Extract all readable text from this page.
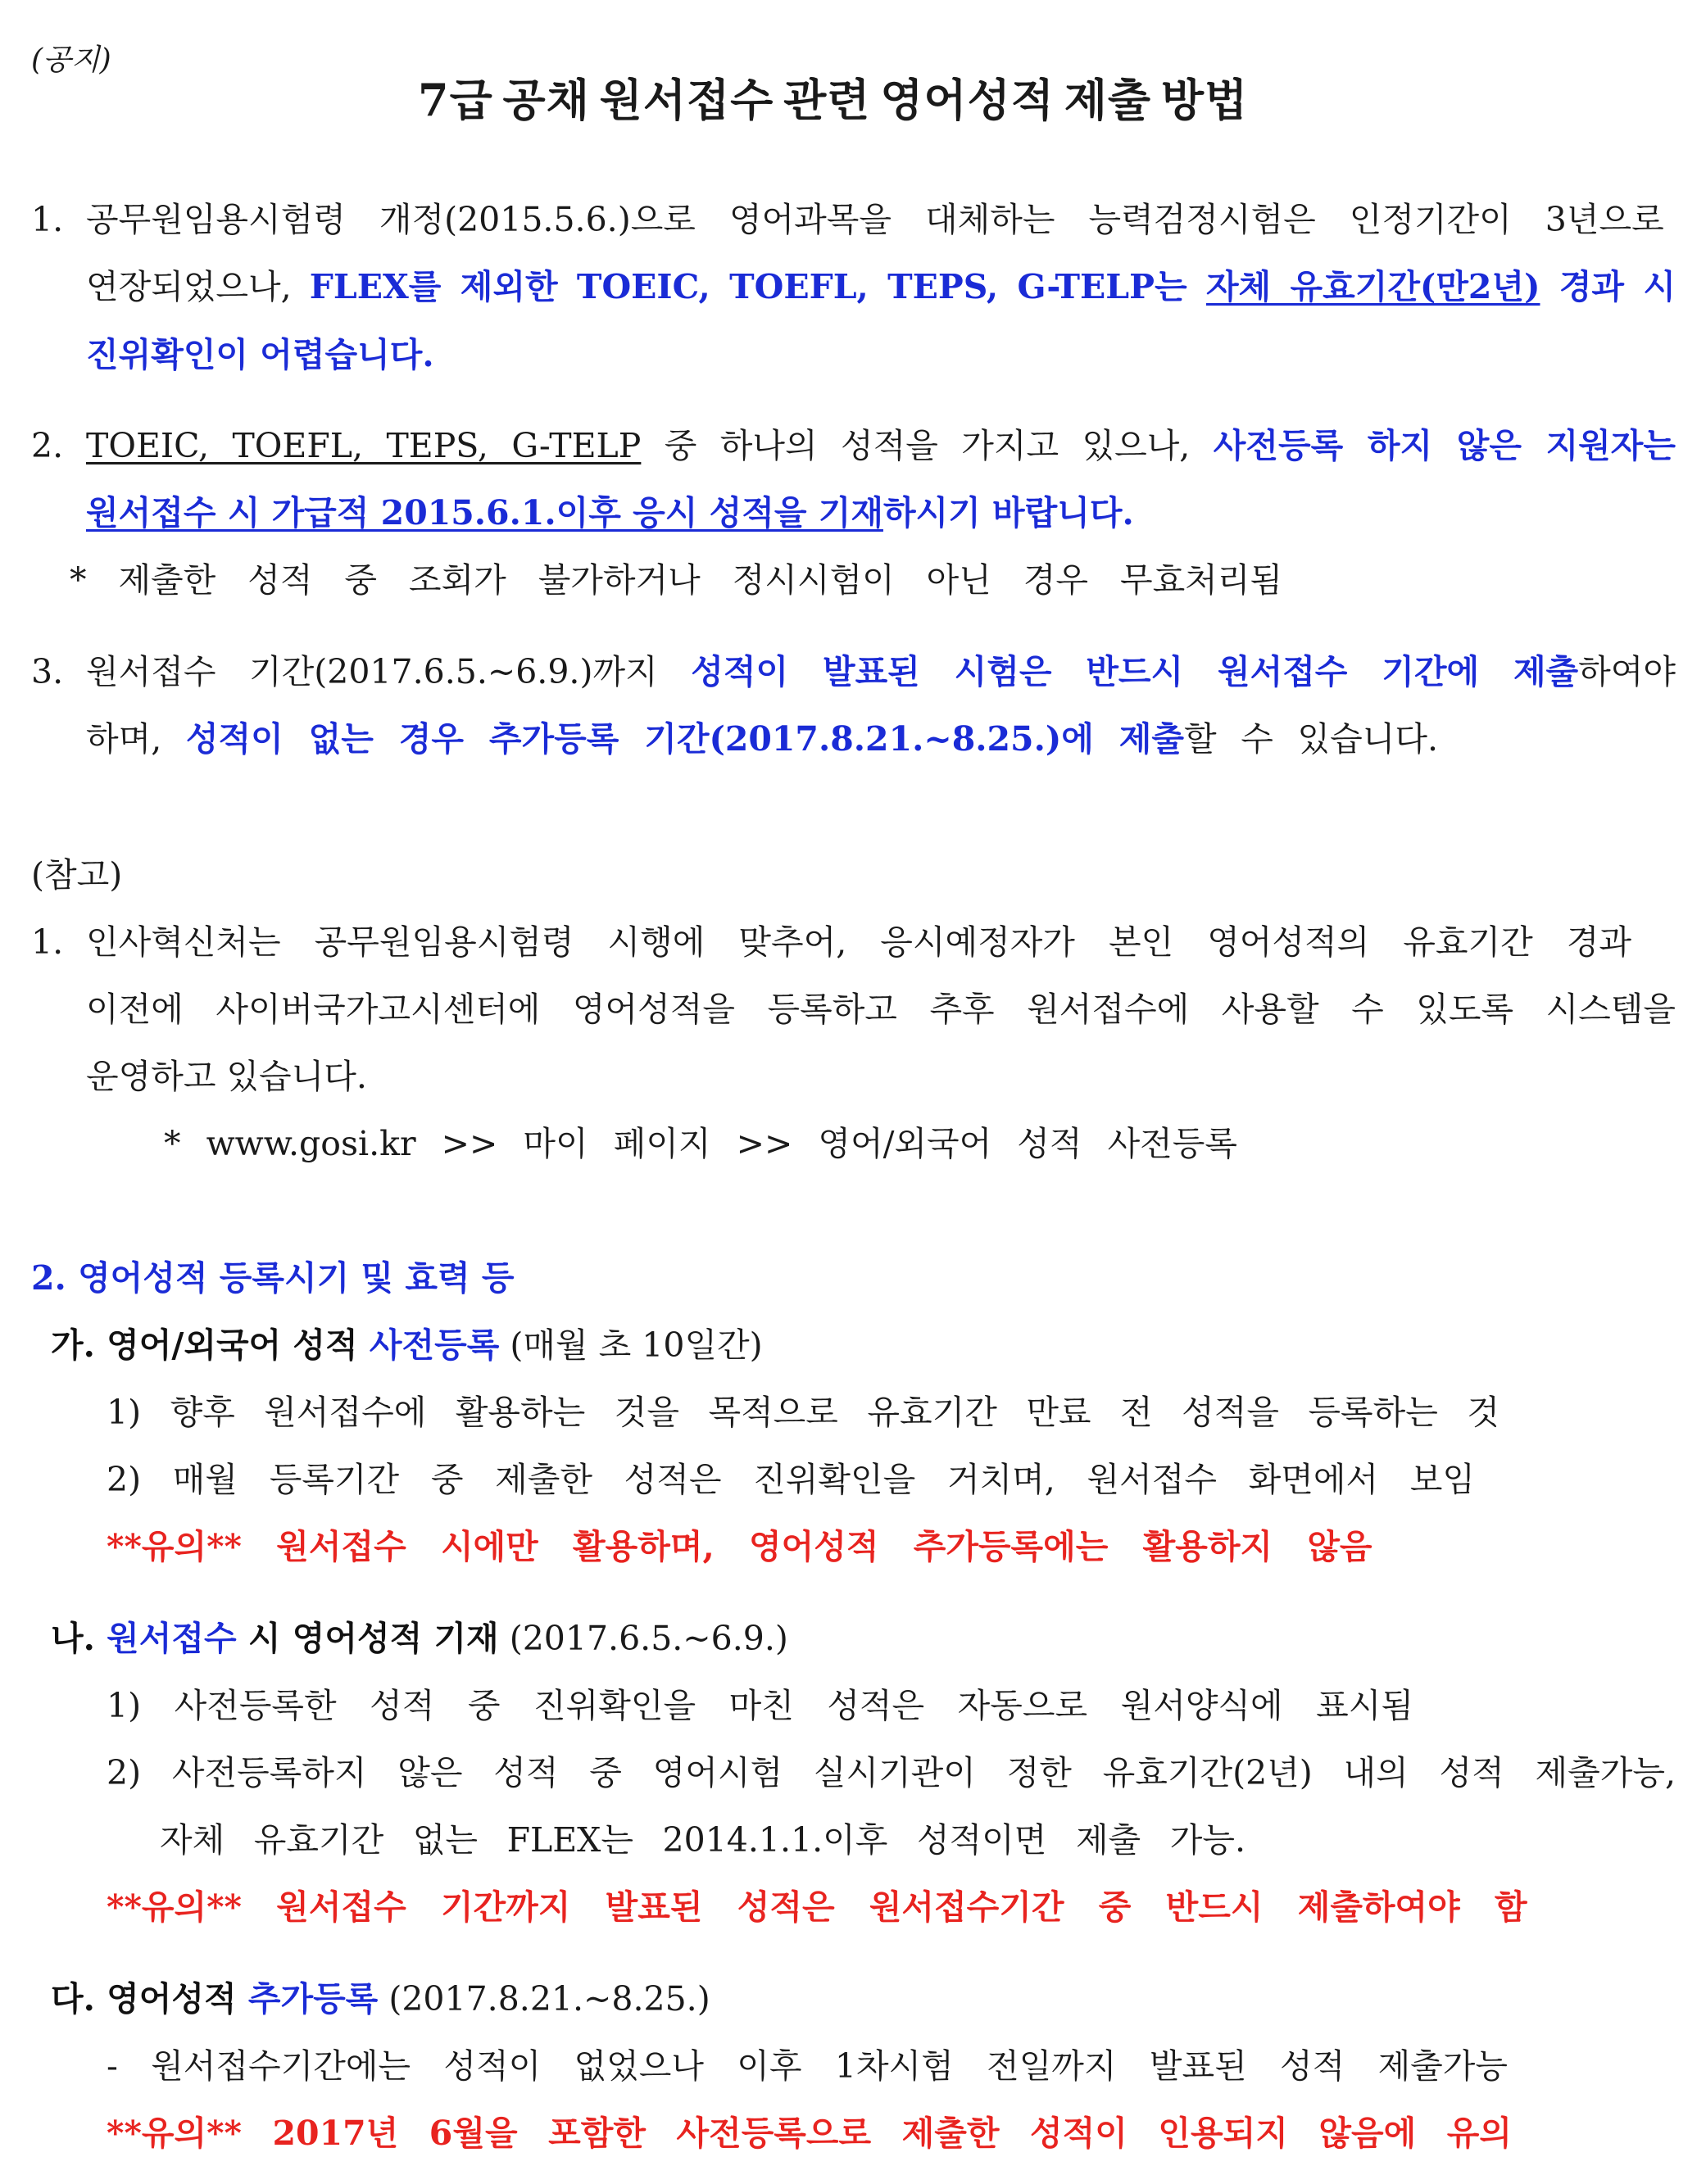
(공지)
7급 공채 원서접수 관련 영어성적 제출 방법
1. 공무원임용시험령 개정(2015.5.6.)으로 영어과목을 대체하는 능력검정시험은 인정기간이 3년으로
연장되었으나, FLEX를 제외한 TOEIC, TOEFL, TEPS, G-TELP는 자체 유효기간(만2년) 경과 시
진위확인이 어렵습니다.
2. TOEIC, TOEFL, TEPS, G-TELP 중 하나의 성적을 가지고 있으나, 사전등록 하지 않은 지원자는
원서접수 시 가급적 2015.6.1.이후 응시 성적을 기재하시기 바랍니다.
* 제출한 성적 중 조회가 불가하거나 정시시험이 아닌 경우 무효처리됨
3. 원서접수 기간(2017.6.5.~6.9.)까지 성적이 발표된 시험은 반드시 원서접수 기간에 제출하여야
하며, 성적이 없는 경우 추가등록 기간(2017.8.21.~8.25.)에 제출할 수 있습니다.
(참고)
1. 인사혁신처는 공무원임용시험령 시행에 맞추어, 응시예정자가 본인 영어성적의 유효기간 경과
이전에 사이버국가고시센터에 영어성적을 등록하고 추후 원서접수에 사용할 수 있도록 시스템을
운영하고 있습니다.
* www.gosi.kr >> 마이 페이지 >> 영어/외국어 성적 사전등록
2. 영어성적 등록시기 및 효력 등
가. 영어/외국어 성적 사전등록 (매월 초 10일간)
1) 향후 원서접수에 활용하는 것을 목적으로 유효기간 만료 전 성적을 등록하는 것
2) 매월 등록기간 중 제출한 성적은 진위확인을 거치며, 원서접수 화면에서 보임
**유의** 원서접수 시에만 활용하며, 영어성적 추가등록에는 활용하지 않음
나. 원서접수 시 영어성적 기재 (2017.6.5.~6.9.)
1) 사전등록한 성적 중 진위확인을 마친 성적은 자동으로 원서양식에 표시됨
2) 사전등록하지 않은 성적 중 영어시험 실시기관이 정한 유효기간(2년) 내의 성적 제출가능,
자체 유효기간 없는 FLEX는 2014.1.1.이후 성적이면 제출 가능.
**유의** 원서접수 기간까지 발표된 성적은 원서접수기간 중 반드시 제출하여야 함
다. 영어성적 추가등록 (2017.8.21.~8.25.)
- 원서접수기간에는 성적이 없었으나 이후 1차시험 전일까지 발표된 성적 제출가능
**유의** 2017년 6월을 포함한 사전등록으로 제출한 성적이 인용되지 않음에 유의
